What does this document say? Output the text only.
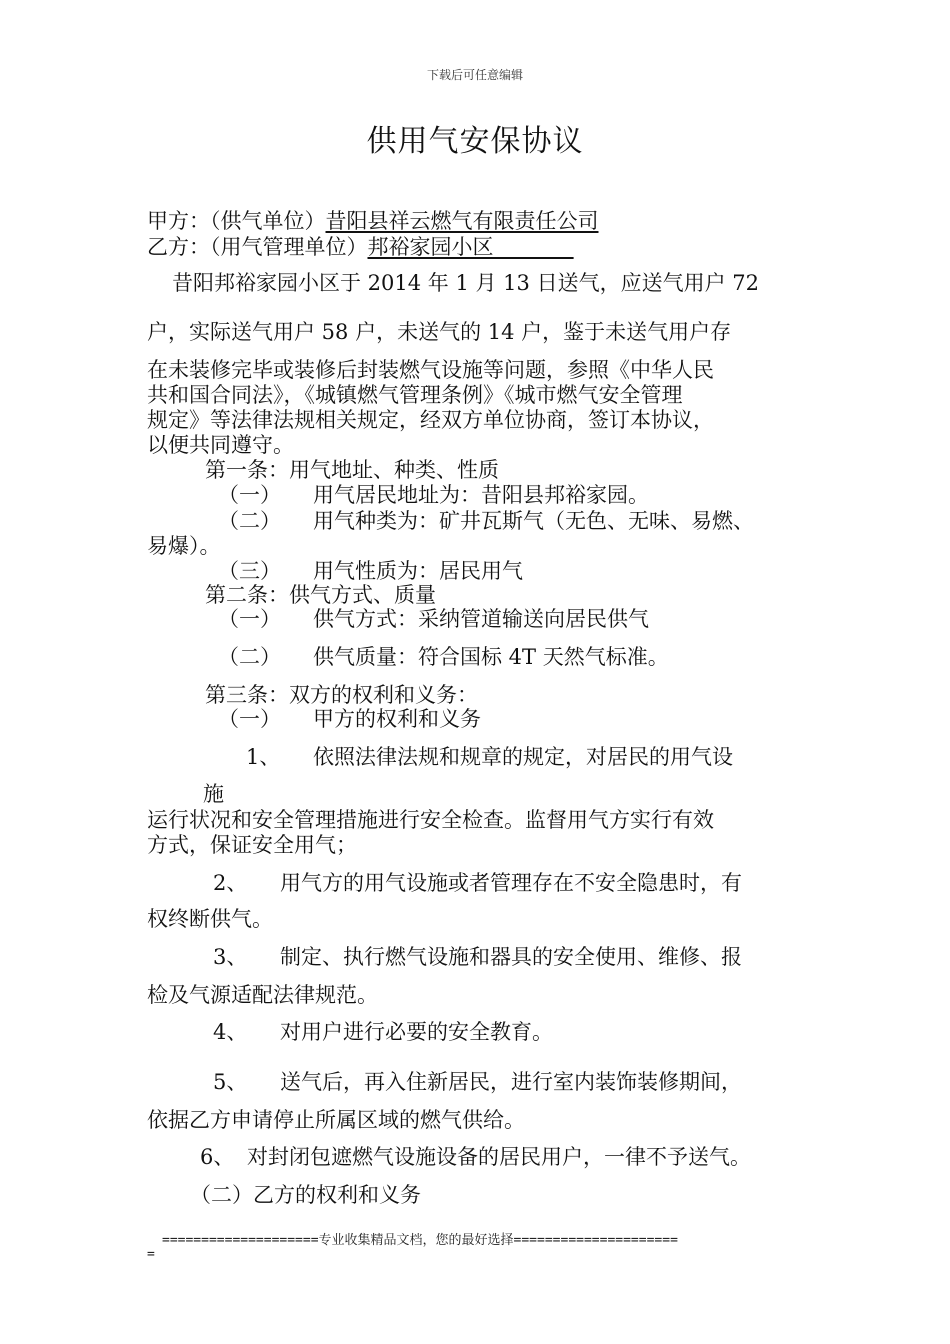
下载后可任意编辑
供用气安保协议
甲方：（供气单位）昔阳县祥云燃气有限责任公司
乙方：（用气管理单位）邦裕家园小区
昔阳邦裕家园小区于 2014 年 1 月 13 日送气，应送气用户 72
户，实际送气用户 58 户，未送气的 14 户，鉴于未送气用户存
在未装修完毕或装修后封装燃气设施等问题，参照《中华人民
共和国合同法》，《城镇燃气管理条例》《城市燃气安全管理
规定》等法律法规相关规定，经双方单位协商，签订本协议，
以便共同遵守。
第一条：用气地址、种类、性质
（一） 用气居民地址为：昔阳县邦裕家园。
（二） 用气种类为：矿井瓦斯气（无色、无味、易燃、
易爆）。
（三） 用气性质为：居民用气
第二条：供气方式、质量
（一） 供气方式：采纳管道输送向居民供气
（二） 供气质量：符合国标 4T 天然气标准。
第三条：双方的权利和义务：
（一） 甲方的权利和义务
1、 依照法律法规和规章的规定，对居民的用气设
施
运行状况和安全管理措施进行安全检查。监督用气方实行有效
方式，保证安全用气；
2、 用气方的用气设施或者管理存在不安全隐患时，有
权终断供气。
3、 制定、执行燃气设施和器具的安全使用、维修、报
检及气源适配法律规范。
4、 对用户进行必要的安全教育。
5、 送气后，再入住新居民，进行室内装饰装修期间，
依据乙方申请停止所属区域的燃气供给。
6、 对封闭包遮燃气设施设备的居民用户，一律不予送气。
（二）乙方的权利和义务
====================专业收集精品文档，您的最好选择=====================
=
